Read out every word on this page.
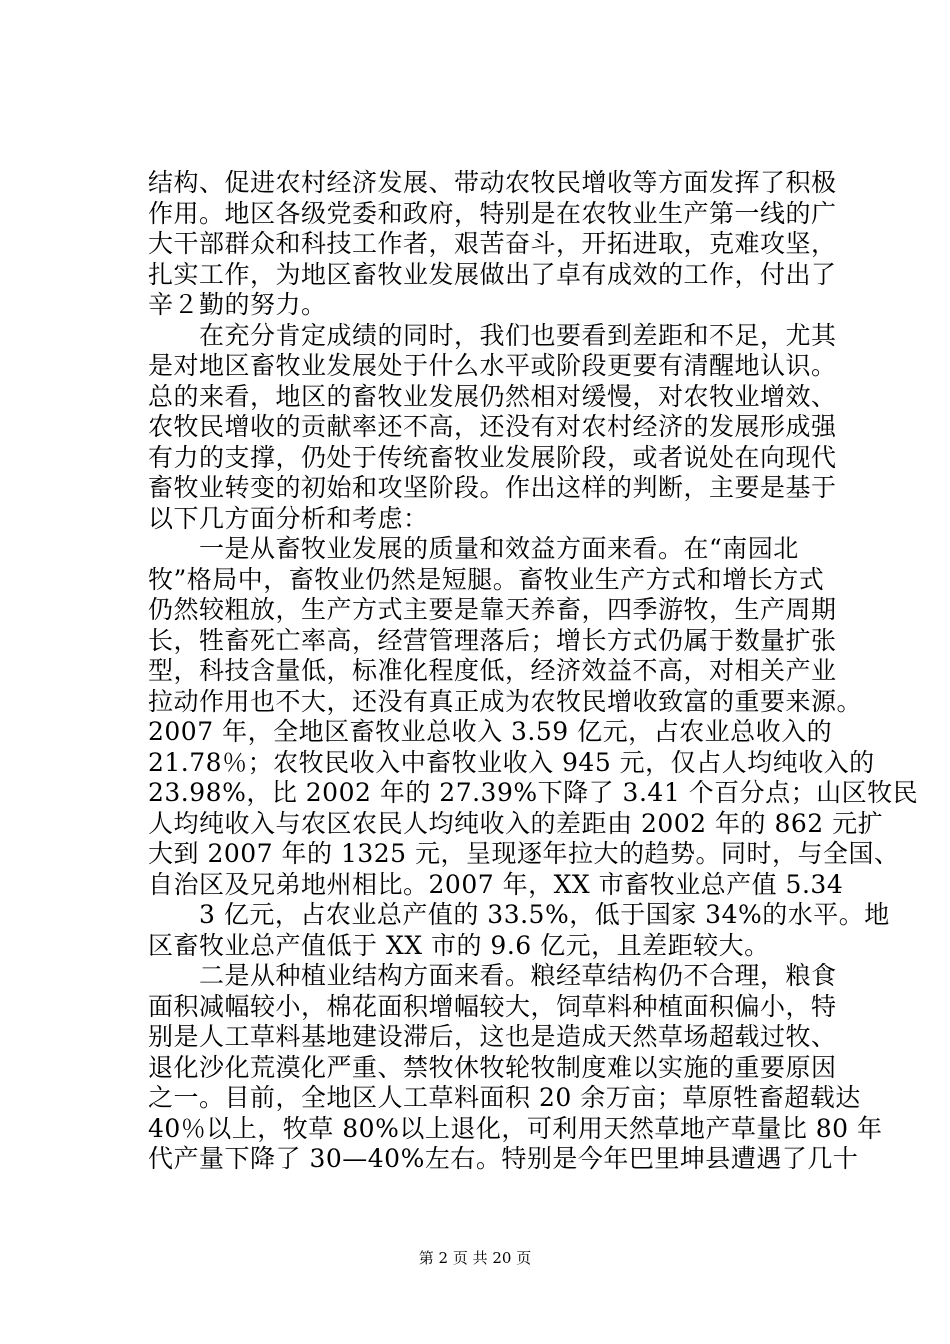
结构、促进农村经济发展、带动农牧民增收等方面发挥了积极
作用。地区各级党委和政府，特别是在农牧业生产第一线的广
大干部群众和科技工作者，艰苦奋斗，开拓进取，克难攻坚，
扎实工作，为地区畜牧业发展做出了卓有成效的工作，付出了
辛２勤的努力。
　　在充分肯定成绩的同时，我们也要看到差距和不足，尤其
是对地区畜牧业发展处于什么水平或阶段更要有清醒地认识。
总的来看，地区的畜牧业发展仍然相对缓慢，对农牧业增效、
农牧民增收的贡献率还不高，还没有对农村经济的发展形成强
有力的支撑，仍处于传统畜牧业发展阶段，或者说处在向现代
畜牧业转变的初始和攻坚阶段。作出这样的判断，主要是基于
以下几方面分析和考虑：
　　一是从畜牧业发展的质量和效益方面来看。在“南园北
牧”格局中，畜牧业仍然是短腿。畜牧业生产方式和增长方式
仍然较粗放，生产方式主要是靠天养畜，四季游牧，生产周期
长，牲畜死亡率高，经营管理落后；增长方式仍属于数量扩张
型，科技含量低，标准化程度低，经济效益不高，对相关产业
拉动作用也不大，还没有真正成为农牧民增收致富的重要来源。
2007 年，全地区畜牧业总收入 3.59 亿元，占农业总收入的
21.78％；农牧民收入中畜牧业收入 945 元，仅占人均纯收入的
23.98%，比 2002 年的 27.39%下降了 3.41 个百分点；山区牧民
人均纯收入与农区农民人均纯收入的差距由 2002 年的 862 元扩
大到 2007 年的 1325 元，呈现逐年拉大的趋势。同时，与全国、
自治区及兄弟地州相比。2007 年，XX 市畜牧业总产值 5.34
　　3 亿元，占农业总产值的 33.5%，低于国家 34%的水平。地
区畜牧业总产值低于 XX 市的 9.6 亿元，且差距较大。
　　二是从种植业结构方面来看。粮经草结构仍不合理，粮食
面积减幅较小，棉花面积增幅较大，饲草料种植面积偏小，特
别是人工草料基地建设滞后，这也是造成天然草场超载过牧、
退化沙化荒漠化严重、禁牧休牧轮牧制度难以实施的重要原因
之一。目前，全地区人工草料面积 20 余万亩；草原牲畜超载达
40％以上，牧草 80%以上退化，可利用天然草地产草量比 80 年
代产量下降了 30—40%左右。特别是今年巴里坤县遭遇了几十
第 2 页 共 20 页
